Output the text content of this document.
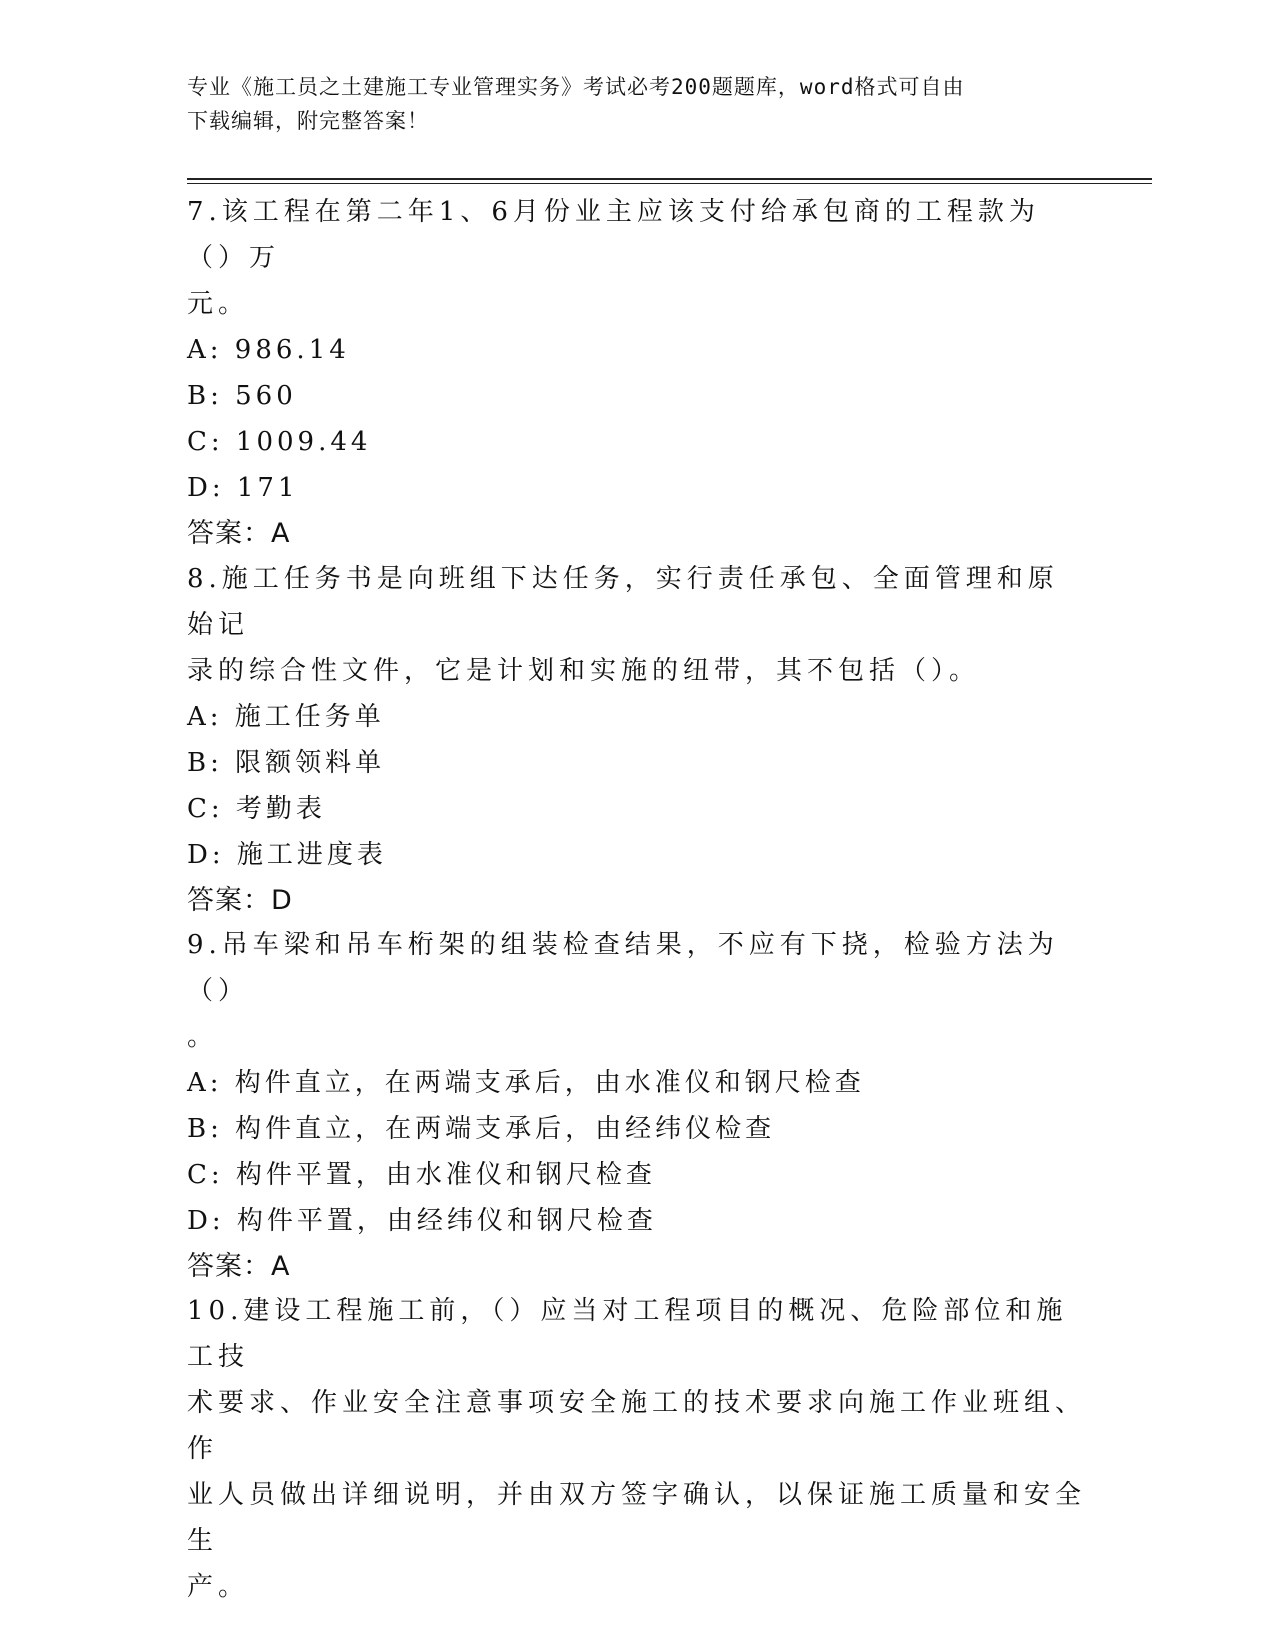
专业《施工员之土建施工专业管理实务》考试必考200题题库，word格式可自由
下载编辑，附完整答案！

7.该工程在第二年1、6月份业主应该支付给承包商的工程款为（）万

元。

A: 986.14

B: 560

C: 1009.44

D: 171

答案：A

8.施工任务书是向班组下达任务，实行责任承包、全面管理和原始记

录的综合性文件，它是计划和实施的纽带，其不包括（）。

A: 施工任务单

B: 限额领料单

C: 考勤表

D: 施工进度表

答案：D

9.吊车梁和吊车桁架的组装检查结果，不应有下挠，检验方法为（）

。

A: 构件直立，在两端支承后，由水准仪和钢尺检查

B: 构件直立，在两端支承后，由经纬仪检查

C: 构件平置，由水准仪和钢尺检查

D: 构件平置，由经纬仪和钢尺检查

答案：A

10.建设工程施工前，（）应当对工程项目的概况、危险部位和施工技

术要求、作业安全注意事项安全施工的技术要求向施工作业班组、作

业人员做出详细说明，并由双方签字确认，以保证施工质量和安全生

产。
